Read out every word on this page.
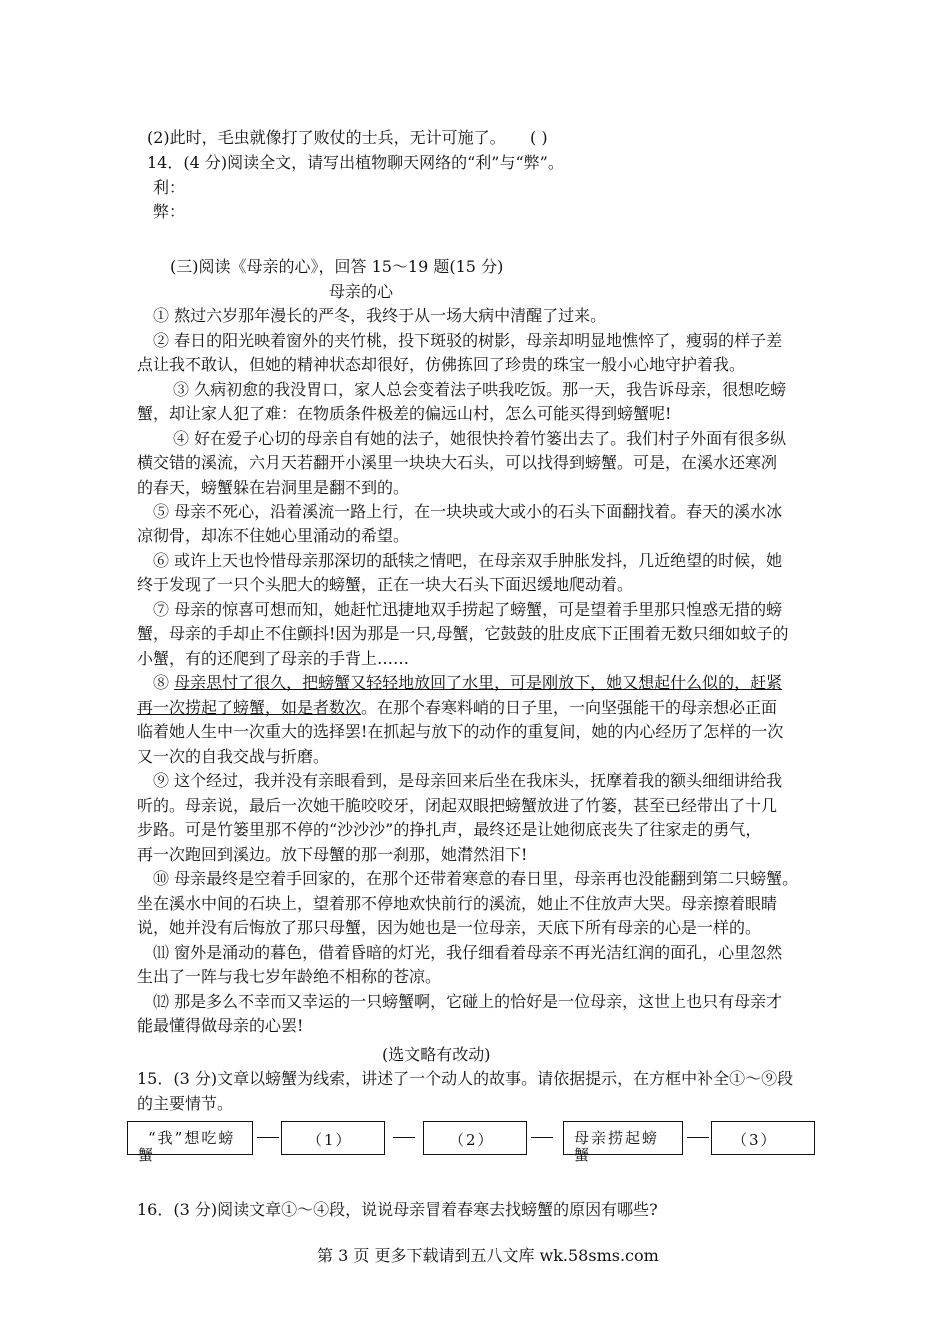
(2)此时，毛虫就像打了败仗的士兵，无计可施了。 ( )
14．(4 分)阅读全文，请写出植物聊天网络的“利”与“弊”。
利：
弊：
(三)阅读《母亲的心》，回答 15～19 题(15 分)
母亲的心
① 熬过六岁那年漫长的严冬，我终于从一场大病中清醒了过来。
② 春日的阳光映着窗外的夹竹桃，投下斑驳的树影，母亲却明显地憔悴了，瘦弱的样子差
点让我不敢认，但她的精神状态却很好，仿佛拣回了珍贵的珠宝一般小心地守护着我。
③ 久病初愈的我没胃口，家人总会变着法子哄我吃饭。那一天，我告诉母亲，很想吃螃
蟹，却让家人犯了难：在物质条件极差的偏远山村，怎么可能买得到螃蟹呢!
④ 好在爱子心切的母亲自有她的法子，她很快拎着竹篓出去了。我们村子外面有很多纵
横交错的溪流，六月天若翻开小溪里一块块大石头，可以找得到螃蟹。可是，在溪水还寒冽
的春天，螃蟹躲在岩洞里是翻不到的。
⑤ 母亲不死心，沿着溪流一路上行，在一块块或大或小的石头下面翻找着。春天的溪水冰
凉彻骨，却冻不住她心里涌动的希望。
⑥ 或许上天也怜惜母亲那深切的舐犊之情吧，在母亲双手肿胀发抖，几近绝望的时候，她
终于发现了一只个头肥大的螃蟹，正在一块大石头下面迟缓地爬动着。
⑦ 母亲的惊喜可想而知，她赶忙迅捷地双手捞起了螃蟹，可是望着手里那只惶惑无措的螃
蟹，母亲的手却止不住颤抖!因为那是一只,母蟹，它鼓鼓的肚皮底下正围着无数只细如蚊子的
小蟹，有的还爬到了母亲的手背上……
⑧ 母亲思忖了很久，把螃蟹又轻轻地放回了水里，可是刚放下，她又想起什么似的，赶紧
再一次捞起了螃蟹，如是者数次。在那个春寒料峭的日子里，一向坚强能干的母亲想必正面
临着她人生中一次重大的选择罢!在抓起与放下的动作的重复间，她的内心经历了怎样的一次
又一次的自我交战与折磨。
⑨ 这个经过，我并没有亲眼看到，是母亲回来后坐在我床头，抚摩着我的额头细细讲给我
听的。母亲说，最后一次她干脆咬咬牙，闭起双眼把螃蟹放进了竹篓，甚至已经带出了十几
步路。可是竹篓里那不停的“沙沙沙”的挣扎声，最终还是让她彻底丧失了往家走的勇气，
再一次跑回到溪边。放下母蟹的那一刹那，她潸然泪下!
⑩ 母亲最终是空着手回家的，在那个还带着寒意的春日里，母亲再也没能翻到第二只螃蟹。
坐在溪水中间的石块上，望着那不停地欢快前行的溪流，她止不住放声大哭。母亲擦着眼睛
说，她并没有后悔放了那只母蟹，因为她也是一位母亲，天底下所有母亲的心是一样的。
⑾ 窗外是涌动的暮色，借着昏暗的灯光，我仔细看着母亲不再光洁红润的面孔，心里忽然
生出了一阵与我七岁年龄绝不相称的苍凉。
⑿ 那是多么不幸而又幸运的一只螃蟹啊，它碰上的恰好是一位母亲，这世上也只有母亲才
能最懂得做母亲的心罢!
(选文略有改动)
15．(3 分)文章以螃蟹为线索，讲述了一个动人的故事。请依据提示，在方框中补全①～⑨段
的主要情节。
“我”想吃螃
蟹
（1）	（2）	母亲捞起螃
蟹
（3）
16．(3 分)阅读文章①～④段，说说母亲冒着春寒去找螃蟹的原因有哪些?
第 3 页 更多下载请到五八文库 wk.58sms.com
